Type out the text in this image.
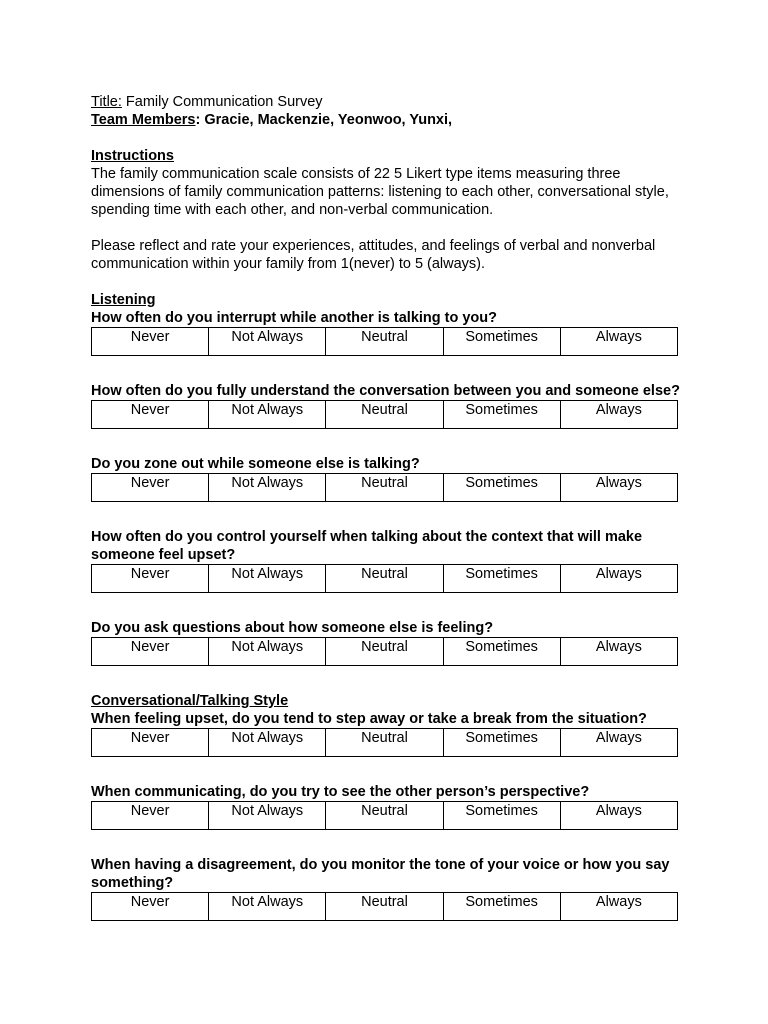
Title: Family Communication Survey

Team Members: Gracie, Mackenzie, Yeonwoo, Yunxi,

Instructions

The family communication scale consists of 22 5 Likert type items measuring three dimensions of family communication patterns: listening to each other, conversational style, spending time with each other, and non-verbal communication.

Please reflect and rate your experiences, attitudes, and feelings of verbal and nonverbal communication within your family from 1(never) to 5 (always).

Listening

How often do you interrupt while another is talking to you?

Never	Not Always	Neutral	Sometimes	Always

How often do you fully understand the conversation between you and someone else?

Never	Not Always	Neutral	Sometimes	Always

Do you zone out while someone else is talking?

Never	Not Always	Neutral	Sometimes	Always

How often do you control yourself when talking about the context that will make someone feel upset?

Never	Not Always	Neutral	Sometimes	Always

Do you ask questions about how someone else is feeling?

Never	Not Always	Neutral	Sometimes	Always

Conversational/Talking Style

When feeling upset, do you tend to step away or take a break from the situation?

Never	Not Always	Neutral	Sometimes	Always

When communicating, do you try to see the other person’s perspective?

Never	Not Always	Neutral	Sometimes	Always

When having a disagreement, do you monitor the tone of your voice or how you say something?

Never	Not Always	Neutral	Sometimes	Always
